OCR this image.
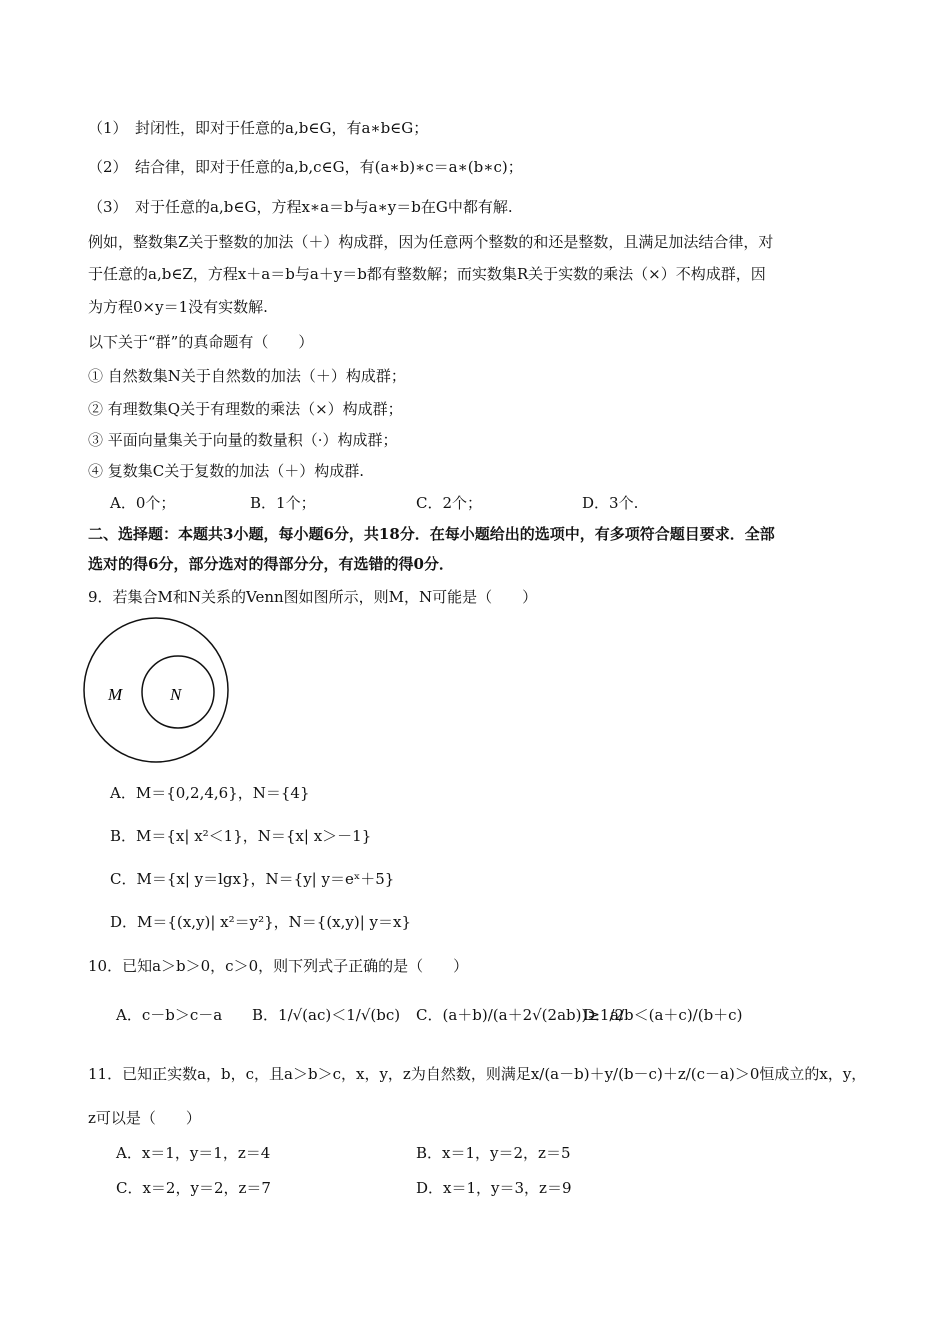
（1）　封闭性，即对于任意的a,b∈G，有a∗b∈G；
（2）　结合律，即对于任意的a,b,c∈G，有(a∗b)∗c＝a∗(b∗c)；
（3）　对于任意的a,b∈G，方程x∗a＝b与a∗y＝b在G中都有解.
例如，整数集Z关于整数的加法（＋）构成群，因为任意两个整数的和还是整数，且满足加法结合律，对
于任意的a,b∈Z，方程x＋a＝b与a＋y＝b都有整数解；而实数集R关于实数的乘法（×）不构成群，因
为方程0×y＝1没有实数解.
以下关于“群”的真命题有（　　）
① 自然数集N关于自然数的加法（＋）构成群；
② 有理数集Q关于有理数的乘法（×）构成群；
③ 平面向量集关于向量的数量积（·）构成群；
④ 复数集C关于复数的加法（＋）构成群.
A．0个；	B．1个；	C．2个；	D．3个.
二、选择题：本题共3小题，每小题6分，共18分．在每小题给出的选项中，有多项符合题目要求．全部
选对的得6分，部分选对的得部分分，有选错的得0分．
9．若集合M和N关系的Venn图如图所示，则M，N可能是（　　）
M	N
A．M＝{0,2,4,6}，N＝{4}
B．M＝{x| x²＜1}，N＝{x| x＞－1}
C．M＝{x| y＝lgx}，N＝{y| y＝eˣ＋5}
D．M＝{(x,y)| x²＝y²}，N＝{(x,y)| y＝x}
10．已知a＞b＞0，c＞0，则下列式子正确的是（　　）
A．c－b＞c－a B．1/√(ac)＜1/√(bc) C．(a＋b)/(a＋2√(2ab))≥1/2
D．a/b＜(a＋c)/(b＋c)
11．已知正实数a，b，c，且a＞b＞c，x，y，z为自然数，则满足x/(a－b)＋y/(b－c)＋z/(c－a)＞0恒成立的x，y，
z可以是（　　）
A．x＝1，y＝1，z＝4	B．x＝1，y＝2，z＝5
C．x＝2，y＝2，z＝7	D．x＝1，y＝3，z＝9
